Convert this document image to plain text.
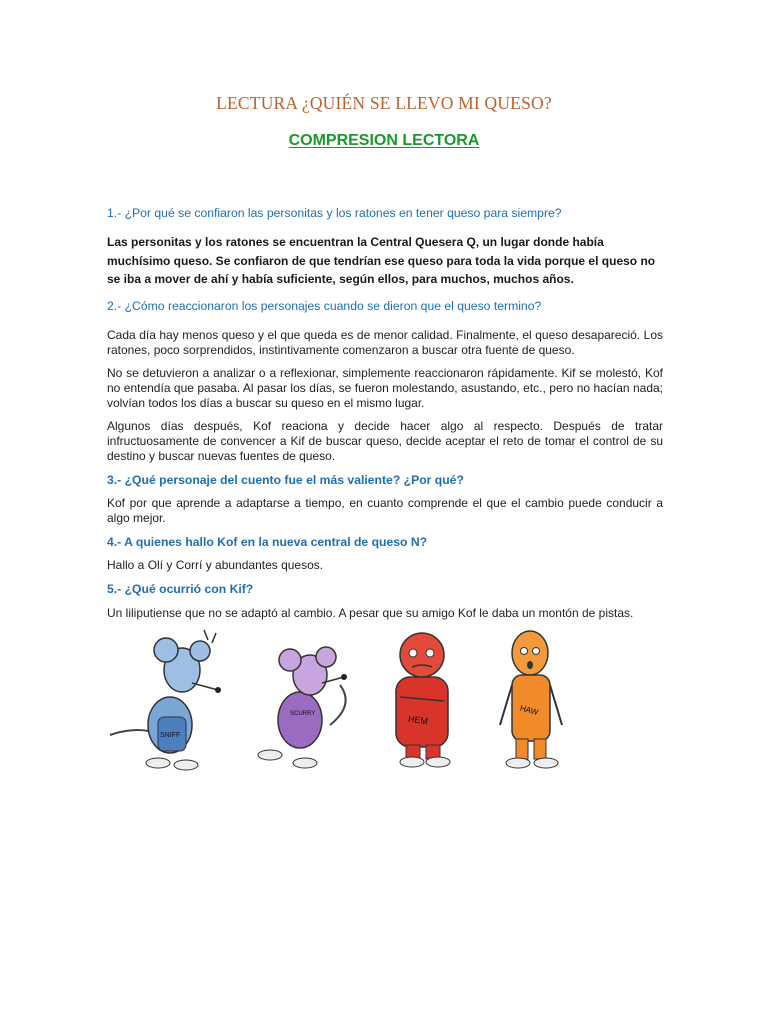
LECTURA ¿QUIÉN SE LLEVO MI QUESO?
COMPRESION LECTORA
1.- ¿Por qué se confiaron las personitas y los ratones en tener queso para siempre?
Las personitas y los ratones se encuentran la Central Quesera Q, un lugar donde había muchísimo queso. Se confiaron de que tendrían ese queso para toda la vida porque el queso no se iba a mover de ahí y había suficiente, según ellos, para muchos, muchos años.
2.- ¿Cómo reaccionaron los personajes cuando se dieron que el queso termino?
Cada día hay menos queso y el que queda es de menor calidad. Finalmente, el queso desapareció. Los ratones, poco sorprendidos, instintivamente comenzaron a buscar otra fuente de queso.
No se detuvieron a analizar o a reflexionar, simplemente reaccionaron rápidamente. Kif se molestó, Kof no entendía que pasaba. Al pasar los días, se fueron molestando, asustando, etc., pero no hacían nada; volvían todos los días a buscar su queso en el mismo lugar.
Algunos días después, Kof reaciona y decide hacer algo al respecto. Después de tratar infructuosamente de convencer a Kif de buscar queso, decide aceptar el reto de tomar el control de su destino y buscar nuevas fuentes de queso.
3.- ¿Qué personaje del cuento fue el más valiente? ¿Por qué?
Kof por que aprende a adaptarse a tiempo, en cuanto comprende el que el cambio puede conducir a algo mejor.
4.- A quienes hallo Kof en la nueva central de queso N?
Hallo a Olí y Corrí y abundantes quesos.
5.- ¿Qué ocurrió con Kif?
Un liliputiense que no se adaptó al cambio. A pesar que su amigo Kof le daba un montón de pistas.
SNIFF
SCURRY	HEM
HAW
